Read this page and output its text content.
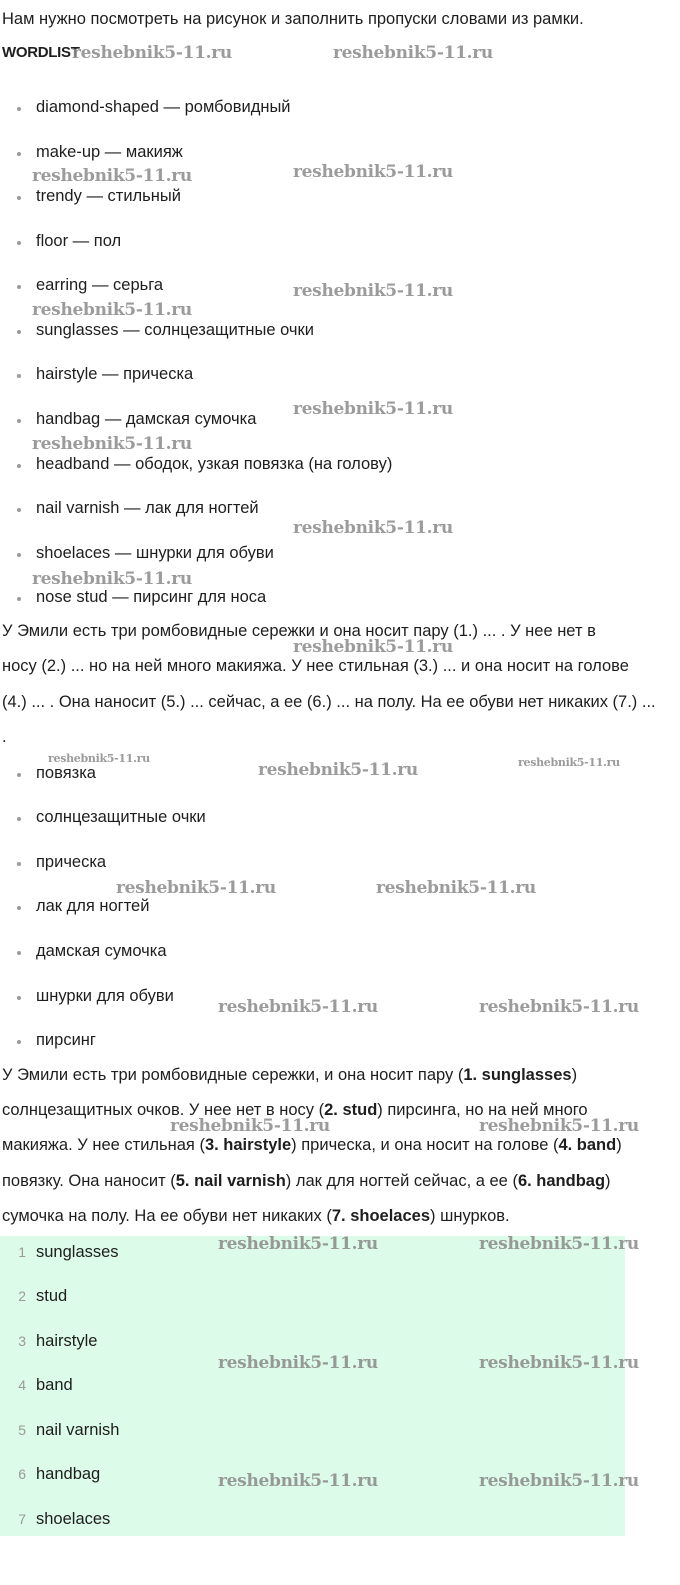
Нам нужно посмотреть на рисунок и заполнить пропуски словами из рамки.

WORDLIST
diamond-shaped — ромбовидный
make-up — макияж
trendy — стильный
floor — пол
earring — серьга
sunglasses — солнцезащитные очки
hairstyle — прическа
handbag — дамская сумочка
headband — ободок, узкая повязка (на голову)
nail varnish — лак для ногтей
shoelaces — шнурки для обуви
nose stud — пирсинг для носа
У Эмили есть три ромбовидные сережки и она носит пару (1.) ... . У нее нет в
носу (2.) ... но на ней много макияжа. У нее стильная (3.) ... и она носит на голове
(4.) ... . Она наносит (5.) ... сейчас, а ее (6.) ... на полу. На ее обуви нет никаких (7.) ...
.
повязка
солнцезащитные очки
прическа
лак для ногтей
дамская сумочка
шнурки для обуви
пирсинг
У Эмили есть три ромбовидные сережки, и она носит пару (1. sunglasses)
солнцезащитных очков. У нее нет в носу (2. stud) пирсинга, но на ней много
макияжа. У нее стильная (3. hairstyle) прическа, и она носит на голове (4. band)
повязку. Она наносит (5. nail varnish) лак для ногтей сейчас, а ее (6. handbag)
сумочка на полу. На ее обуви нет никаких (7. shoelaces) шнурков.
1 sunglasses
2 stud
3 hairstyle
4 band
5 nail varnish
6 handbag
7 shoelaces
reshebnik5-11.ru	reshebnik5-11.ru
reshebnik5-11.ru	reshebnik5-11.ru
reshebnik5-11.ru
reshebnik5-11.ru
reshebnik5-11.ru
reshebnik5-11.ru
reshebnik5-11.ru
reshebnik5-11.ru
reshebnik5-11.ru
reshebnik5-11.ru
reshebnik5-11.ru	reshebnik5-11.ru
reshebnik5-11.ru	reshebnik5-11.ru
reshebnik5-11.ru	reshebnik5-11.ru
reshebnik5-11.ru	reshebnik5-11.ru
reshebnik5-11.ru	reshebnik5-11.ru
reshebnik5-11.ru	reshebnik5-11.ru
reshebnik5-11.ru	reshebnik5-11.ru
